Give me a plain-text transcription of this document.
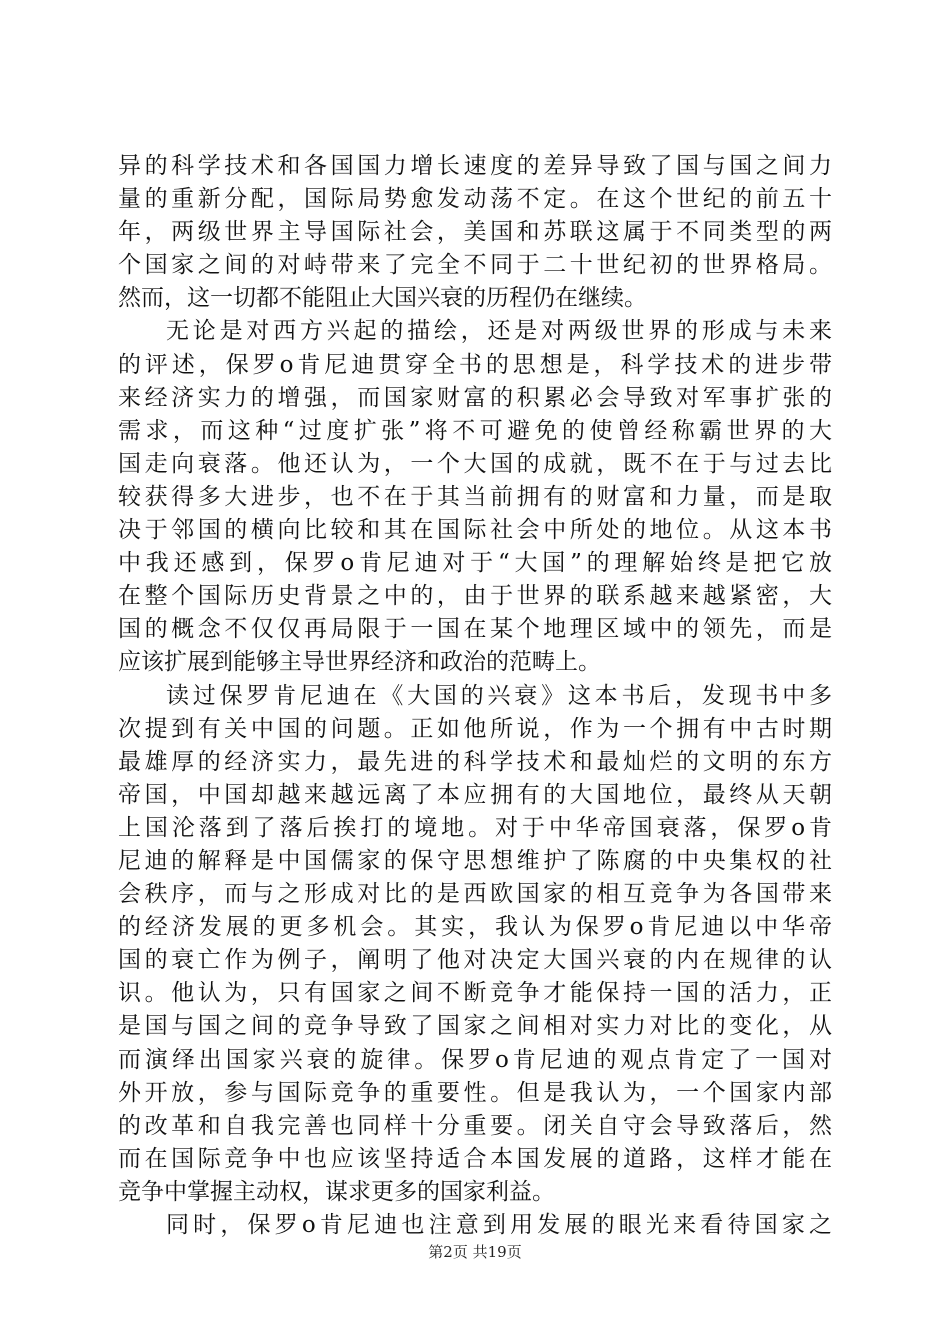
异的科学技术和各国国力增长速度的差异导致了国与国之间力
量的重新分配，国际局势愈发动荡不定。在这个世纪的前五十
年，两级世界主导国际社会，美国和苏联这属于不同类型的两
个国家之间的对峙带来了完全不同于二十世纪初的世界格局。
然而，这一切都不能阻止大国兴衰的历程仍在继续。
无论是对西方兴起的描绘，还是对两级世界的形成与未来
的评述，保罗o肯尼迪贯穿全书的思想是，科学技术的进步带
来经济实力的增强，而国家财富的积累必会导致对军事扩张的
需求，而这种“过度扩张”将不可避免的使曾经称霸世界的大
国走向衰落。他还认为，一个大国的成就，既不在于与过去比
较获得多大进步，也不在于其当前拥有的财富和力量，而是取
决于邻国的横向比较和其在国际社会中所处的地位。从这本书
中我还感到，保罗o肯尼迪对于“大国”的理解始终是把它放
在整个国际历史背景之中的，由于世界的联系越来越紧密，大
国的概念不仅仅再局限于一国在某个地理区域中的领先，而是
应该扩展到能够主导世界经济和政治的范畴上。
读过保罗肯尼迪在《大国的兴衰》这本书后，发现书中多
次提到有关中国的问题。正如他所说，作为一个拥有中古时期
最雄厚的经济实力，最先进的科学技术和最灿烂的文明的东方
帝国，中国却越来越远离了本应拥有的大国地位，最终从天朝
上国沦落到了落后挨打的境地。对于中华帝国衰落，保罗o肯
尼迪的解释是中国儒家的保守思想维护了陈腐的中央集权的社
会秩序，而与之形成对比的是西欧国家的相互竞争为各国带来
的经济发展的更多机会。其实，我认为保罗o肯尼迪以中华帝
国的衰亡作为例子，阐明了他对决定大国兴衰的内在规律的认
识。他认为，只有国家之间不断竞争才能保持一国的活力，正
是国与国之间的竞争导致了国家之间相对实力对比的变化，从
而演绎出国家兴衰的旋律。保罗o肯尼迪的观点肯定了一国对
外开放，参与国际竞争的重要性。但是我认为，一个国家内部
的改革和自我完善也同样十分重要。闭关自守会导致落后，然
而在国际竞争中也应该坚持适合本国发展的道路，这样才能在
竞争中掌握主动权，谋求更多的国家利益。
同时，保罗o肯尼迪也注意到用发展的眼光来看待国家之
第2页 共19页
